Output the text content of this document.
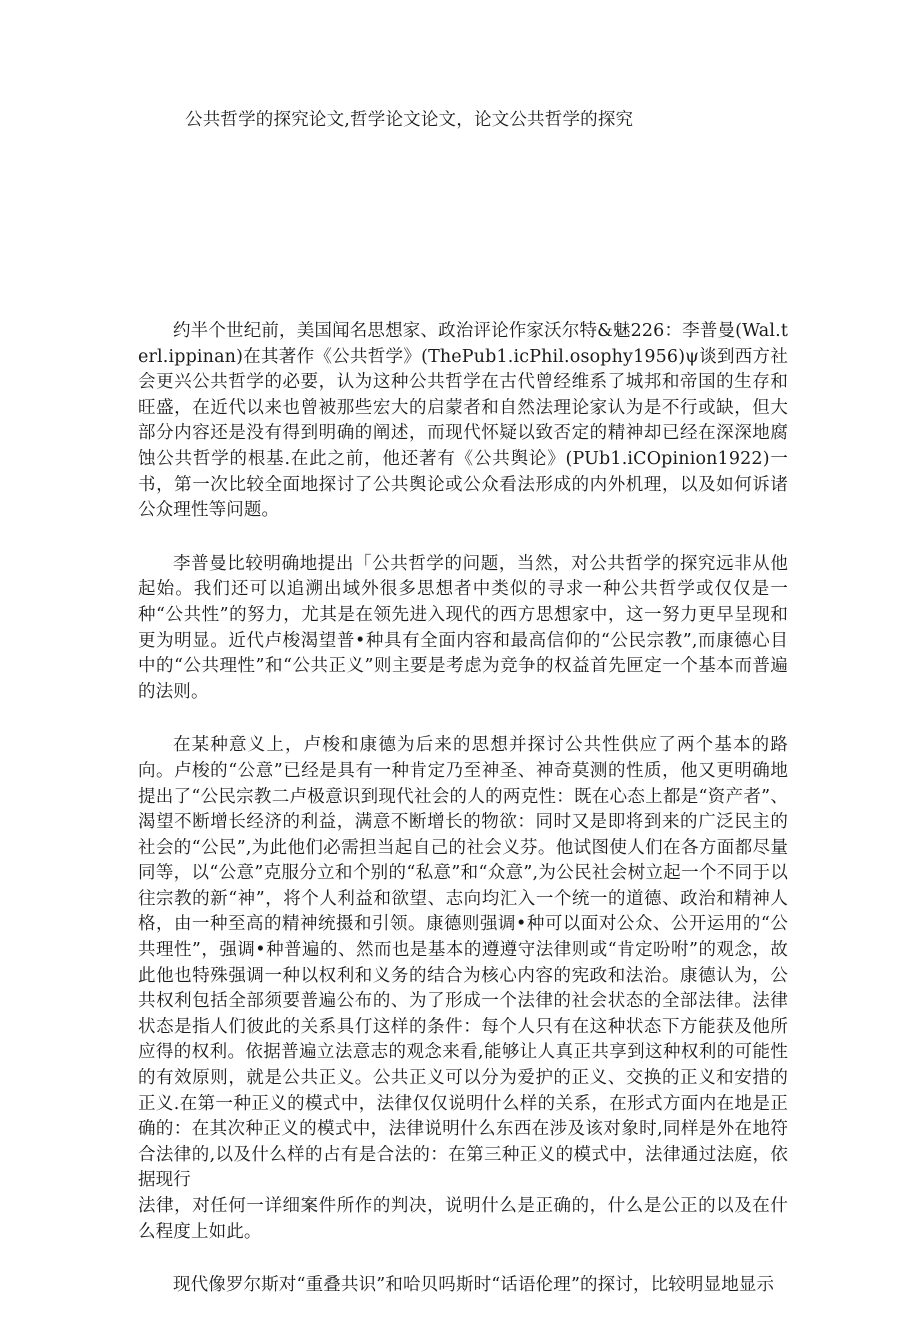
公共哲学的探究论文,哲学论文论文，论文公共哲学的探究

约半个世纪前，美国闻名思想家、政治评论作家沃尔特&魅226：李普曼(Wal.terl.ippinan)在其著作《公共哲学》(ThePub1.icPhil.osophy1956)ψ谈到西方社会更兴公共哲学的必要，认为这种公共哲学在古代曾经维系了城邦和帝国的生存和旺盛，在近代以来也曾被那些宏大的启蒙者和自然法理论家认为是不行或缺，但大部分内容还是没有得到明确的阐述，而现代怀疑以致否定的精神却已经在深深地腐蚀公共哲学的根基.在此之前，他还著有《公共舆论》(PUb1.iCOpinion1922)一书，第一次比较全面地探讨了公共舆论或公众看法形成的内外机理，以及如何诉诸公众理性等问题。

李普曼比较明确地提出「公共哲学的问题，当然，对公共哲学的探究远非从他起始。我们还可以追溯出域外很多思想者中类似的寻求一种公共哲学或仅仅是一种“公共性”的努力，尤其是在领先进入现代的西方思想家中，这一努力更早呈现和更为明显。近代卢梭渴望普•种具有全面内容和最高信仰的“公民宗教”,而康德心目中的“公共理性”和“公共正义”则主要是考虑为竞争的权益首先匣定一个基本而普遍的法则。

在某种意义上，卢梭和康德为后来的思想并探讨公共性供应了两个基本的路向。卢梭的“公意”已经是具有一种肯定乃至神圣、神奇莫测的性质，他又更明确地提出了“公民宗教二卢极意识到现代社会的人的两克性：既在心态上都是“资产者”、渴望不断增长经济的利益，满意不断增长的物欲：同时又是即将到来的广泛民主的社会的“公民”,为此他们必需担当起自己的社会义芬。他试图使人们在各方面都尽量同等，以“公意”克服分立和个别的“私意”和“众意”,为公民社会树立起一个不同于以往宗教的新“神”，将个人利益和欲望、志向均汇入一个统一的道德、政治和精神人格，由一种至高的精神统摄和引领。康德则强调•种可以面对公众、公开运用的“公共理性”，强调•种普遍的、然而也是基本的遵遵守法律则或“肯定吩咐”的观念，故此他也特殊强调一种以权利和义务的结合为核心内容的宪政和法治。康德认为，公共权利包括全部须要普遍公布的、为了形成一个法律的社会状态的全部法律。法律状态是指人们彼此的关系具仃这样的条件：每个人只有在这种状态下方能获及他所应得的权利。依据普遍立法意志的观念来看,能够让人真正共享到这种权利的可能性的有效原则，就是公共正义。公共正义可以分为爱护的正义、交换的正义和安措的正义.在第一种正义的模式中，法律仅仅说明什么样的关系，在形式方面内在地是正确的：在其次种正义的模式中，法律说明什么东西在涉及该对象时,同样是外在地符合法律的,以及什么样的占有是合法的：在第三种正义的模式中，法律通过法庭，依据现行

法律，对任何一详细案件所作的判决，说明什么是正确的，什么是公正的以及在什么程度上如此。

现代像罗尔斯对“重叠共识”和哈贝吗斯时“话语伦理”的探讨，比较明显地显示
